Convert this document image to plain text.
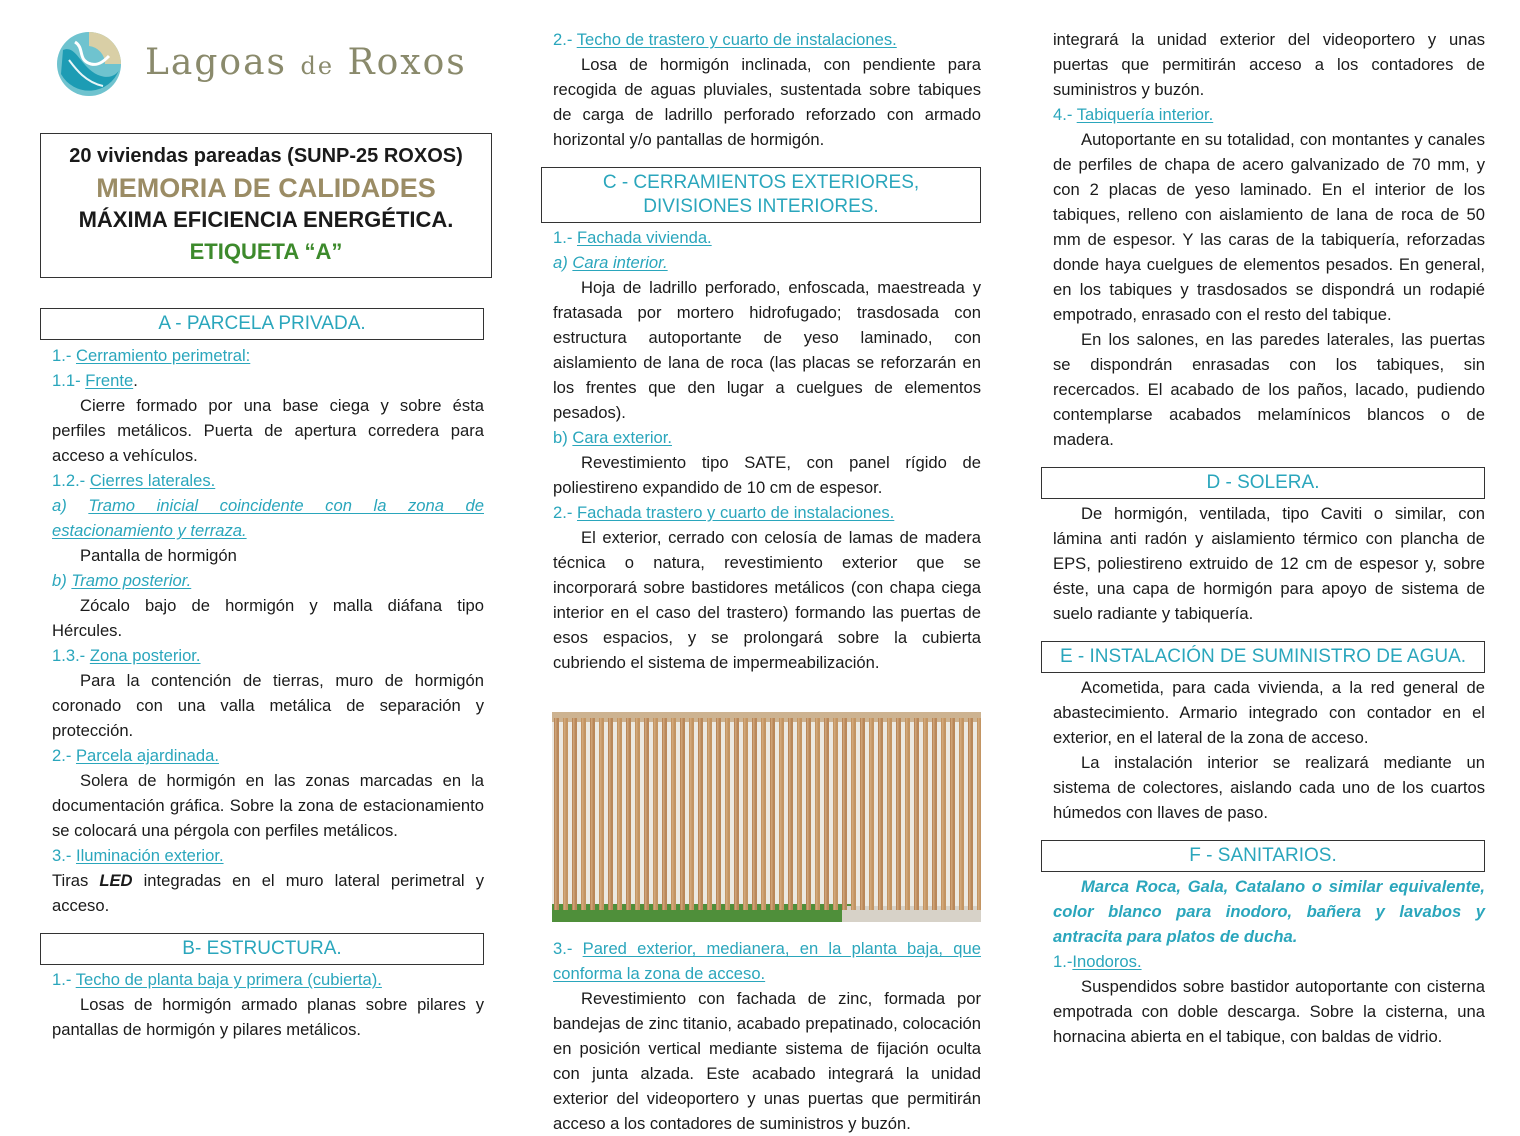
Lagoas de Roxos
20 viviendas pareadas (SUNP-25 ROXOS)
MEMORIA DE CALIDADES
MÁXIMA EFICIENCIA ENERGÉTICA.
ETIQUETA “A”
A - PARCELA PRIVADA.

1.- Cerramiento perimetral:

1.1- Frente.

Cierre formado por una base ciega y sobre ésta perfiles metálicos. Puerta de apertura corredera para acceso a vehículos.

1.2.- Cierres laterales.

a) Tramo inicial coincidente con la zona de estacionamiento y terraza.

Pantalla de hormigón

b) Tramo posterior.

Zócalo bajo de hormigón y malla diáfana tipo Hércules.

1.3.- Zona posterior.

Para la contención de tierras, muro de hormigón coronado con una valla metálica de separación y protección.

2.- Parcela ajardinada.

Solera de hormigón en las zonas marcadas en la documentación gráfica. Sobre la zona de estacionamiento se colocará una pérgola con perfiles metálicos.

3.- Iluminación exterior.

Tiras LED integradas en el muro lateral perimetral y acceso.

B- ESTRUCTURA.

1.- Techo de planta baja y primera (cubierta).

Losas de hormigón armado planas sobre pilares y pantallas de hormigón y pilares metálicos.

2.- Techo de trastero y cuarto de instalaciones.

Losa de hormigón inclinada, con pendiente para recogida de aguas pluviales, sustentada sobre tabiques de carga de ladrillo perforado reforzado con armado horizontal y/o pantallas de hormigón.

C - CERRAMIENTOS EXTERIORES, DIVISIONES INTERIORES.

1.- Fachada vivienda.

a) Cara interior.

Hoja de ladrillo perforado, enfoscada, maestreada y fratasada por mortero hidrofugado; trasdosada con estructura autoportante de yeso laminado, con aislamiento de lana de roca (las placas se reforzarán en los frentes que den lugar a cuelgues de elementos pesados).

b) Cara exterior.

Revestimiento tipo SATE, con panel rígido de poliestireno expandido de 10 cm de espesor.

2.- Fachada trastero y cuarto de instalaciones.

El exterior, cerrado con celosía de lamas de madera técnica o natura, revestimiento exterior que se incorporará sobre bastidores metálicos (con chapa ciega interior en el caso del trastero) formando las puertas de esos espacios, y se prolongará sobre la cubierta cubriendo el sistema de impermeabilización.

3.- Pared exterior, medianera, en la planta baja, que conforma la zona de acceso.

Revestimiento con fachada de zinc, formada por bandejas de zinc titanio, acabado prepatinado, colocación en posición vertical mediante sistema de fijación oculta con junta alzada. Este acabado integrará la unidad exterior del videoportero y unas puertas que permitirán acceso a los contadores de suministros y buzón.

integrará la unidad exterior del videoportero y unas puertas que permitirán acceso a los contadores de suministros y buzón.

4.- Tabiquería interior.

Autoportante en su totalidad, con montantes y canales de perfiles de chapa de acero galvanizado de 70 mm, y con 2 placas de yeso laminado. En el interior de los tabiques, relleno con aislamiento de lana de roca de 50 mm de espesor. Y las caras de la tabiquería, reforzadas donde haya cuelgues de elementos pesados. En general, en los tabiques y trasdosados se dispondrá un rodapié empotrado, enrasado con el resto del tabique.

En los salones, en las paredes laterales, las puertas se dispondrán enrasadas con los tabiques, sin recercados. El acabado de los paños, lacado, pudiendo contemplarse acabados melamínicos blancos o de madera.

D - SOLERA.

De hormigón, ventilada, tipo Caviti o similar, con lámina anti radón y aislamiento térmico con plancha de EPS, poliestireno extruido de 12 cm de espesor y, sobre éste, una capa de hormigón para apoyo de sistema de suelo radiante y tabiquería.

E - INSTALACIÓN DE SUMINISTRO DE AGUA.

Acometida, para cada vivienda, a la red general de abastecimiento. Armario integrado con contador en el exterior, en el lateral de la zona de acceso.

La instalación interior se realizará mediante un sistema de colectores, aislando cada uno de los cuartos húmedos con llaves de paso.

F - SANITARIOS.

Marca Roca, Gala, Catalano o similar equivalente, color blanco para inodoro, bañera y lavabos y antracita para platos de ducha.

1.-Inodoros.

Suspendidos sobre bastidor autoportante con cisterna empotrada con doble descarga. Sobre la cisterna, una hornacina abierta en el tabique, con baldas de vidrio.
